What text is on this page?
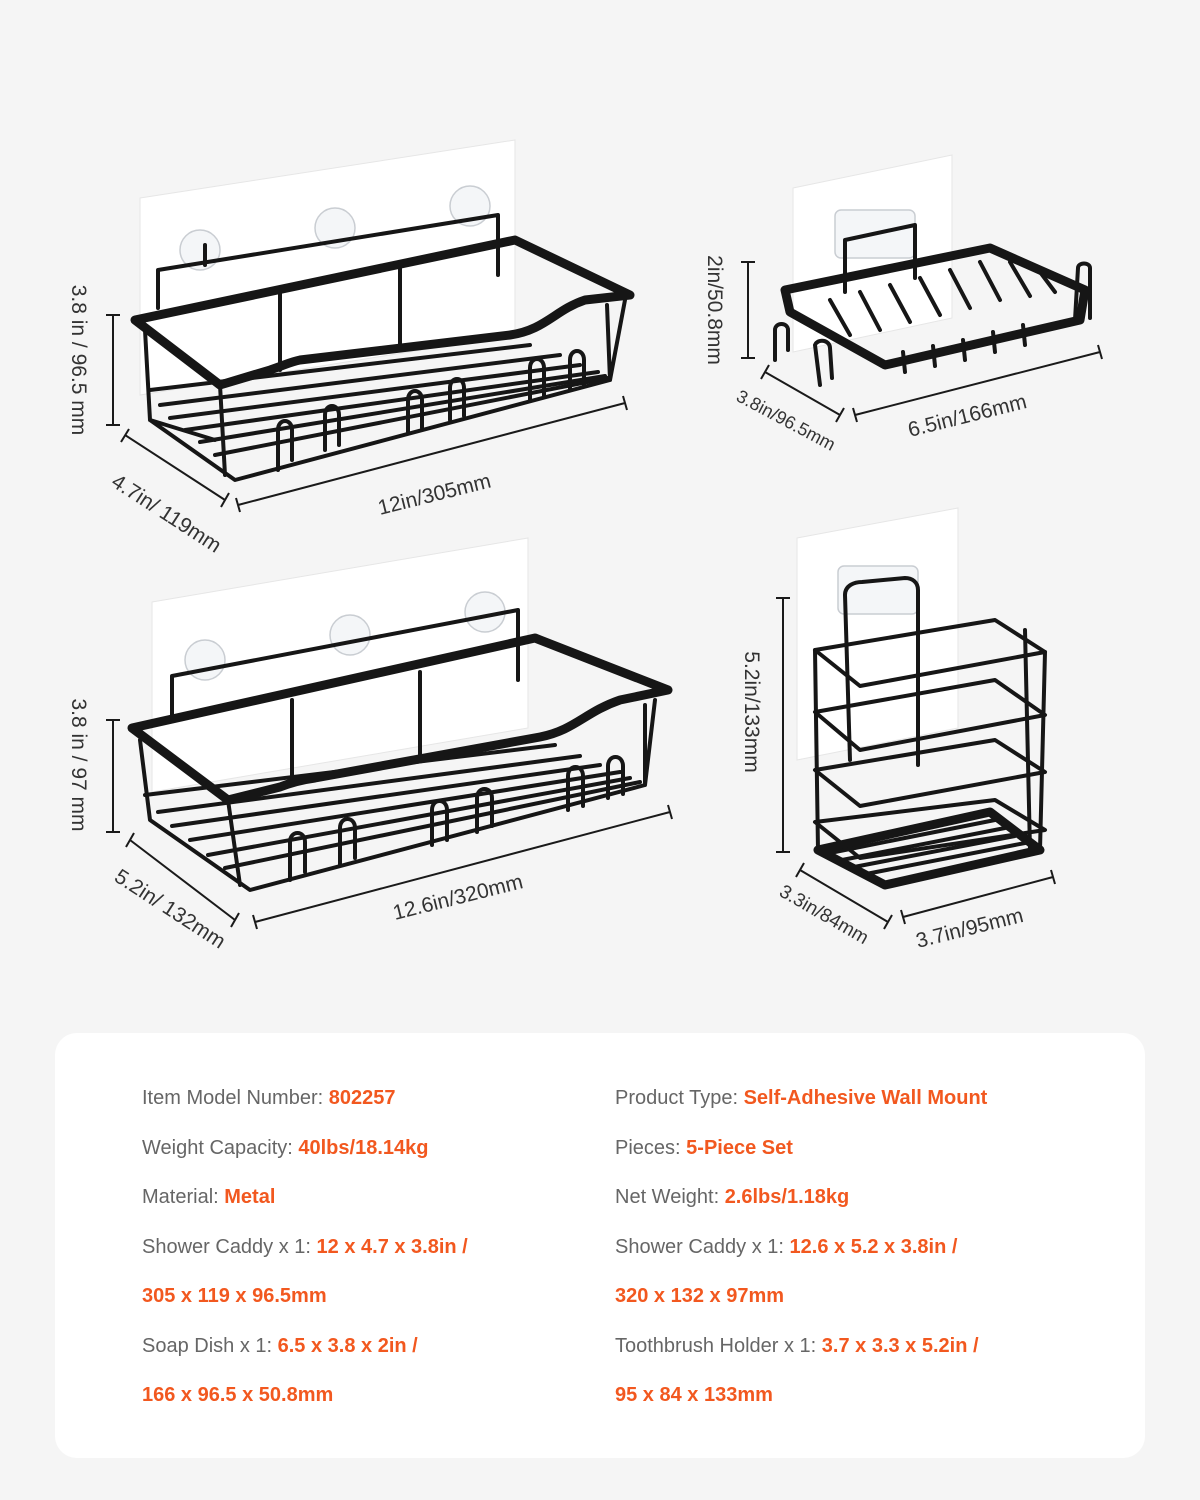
3.8 in / 96.5 mm
4.7in/ 119mm	12in/305mm
2in/50.8mm
3.8in/96.5mm	6.5in/166mm
3.8 in / 97 mm
5.2in/ 132mm	12.6in/320mm
5.2in/133mm
3.3in/84mm 3.7in/95mm
Item Model Number: 802257
Weight Capacity: 40lbs/18.14kg
Material: Metal
Shower Caddy x 1: 12 x 4.7 x 3.8in /
305 x 119 x 96.5mm
Soap Dish x 1: 6.5 x 3.8 x 2in /
166 x 96.5 x 50.8mm
Product Type: Self-Adhesive Wall Mount
Pieces: 5-Piece Set
Net Weight: 2.6lbs/1.18kg
Shower Caddy x 1: 12.6 x 5.2 x 3.8in /
320 x 132 x 97mm
Toothbrush Holder x 1: 3.7 x 3.3 x 5.2in /
95 x 84 x 133mm
